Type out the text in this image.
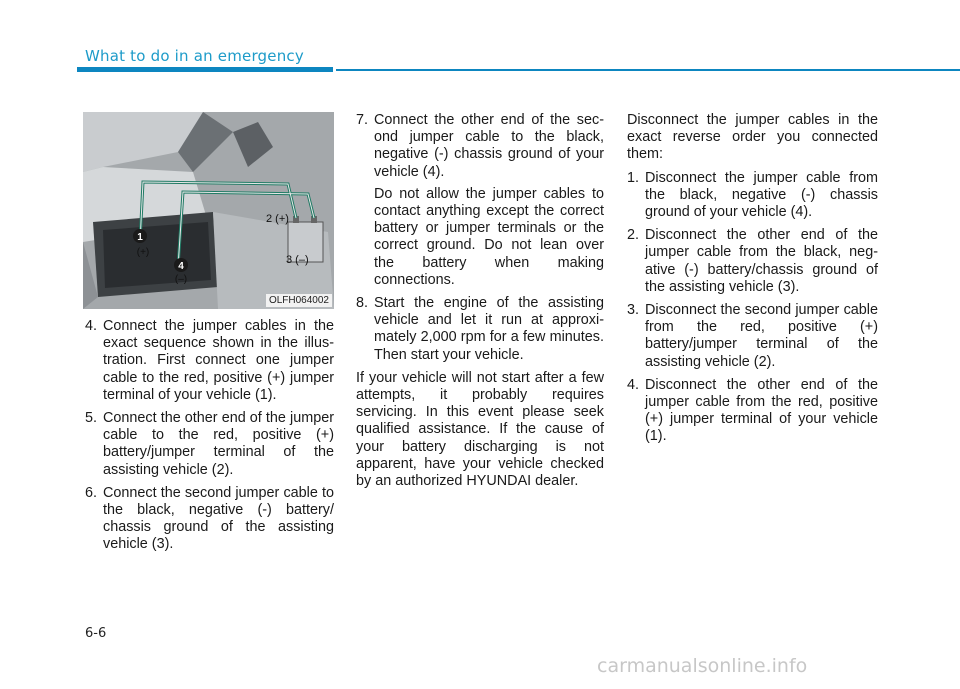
What to do in an emergency
1
(+)
4
(–)
2 (+)
3 (–)
OLFH064002
4. Connect the jumper cables in the exact sequence shown in the illustration. First connect one jumper cable to the red, positive (+) jumper terminal of your vehicle (1).
5. Connect the other end of the jumper cable to the red, positive (+) battery/jumper terminal of the assisting vehicle (2).
6. Connect the second jumper cable to the black, negative (-) battery/ chassis ground of the assisting vehicle (3).
7. Connect the other end of the second jumper cable to the black, negative (-) chassis ground of your vehicle (4).
Do not allow the jumper cables to contact anything except the correct battery or jumper terminals or the correct ground. Do not lean over the battery when making connections.
8. Start the engine of the assisting vehicle and let it run at approximately 2,000 rpm for a few minutes. Then start your vehicle.

If your vehicle will not start after a few attempts, it probably requires servicing. In this event please seek qualified assistance. If the cause of your battery discharging is not apparent, have your vehicle checked by an authorized HYUNDAI dealer.

Disconnect the jumper cables in the exact reverse order you connected them:

1. Disconnect the jumper cable from the black, negative (-) chassis ground of your vehicle (4).
2. Disconnect the other end of the jumper cable from the black, negative (-) battery/chassis ground of the assisting vehicle (3).
3. Disconnect the second jumper cable from the red, positive (+) battery/jumper terminal of the assisting vehicle (2).
4. Disconnect the other end of the jumper cable from the red, positive (+) jumper terminal of your vehicle (1).
6-6
carmanualsonline.info
